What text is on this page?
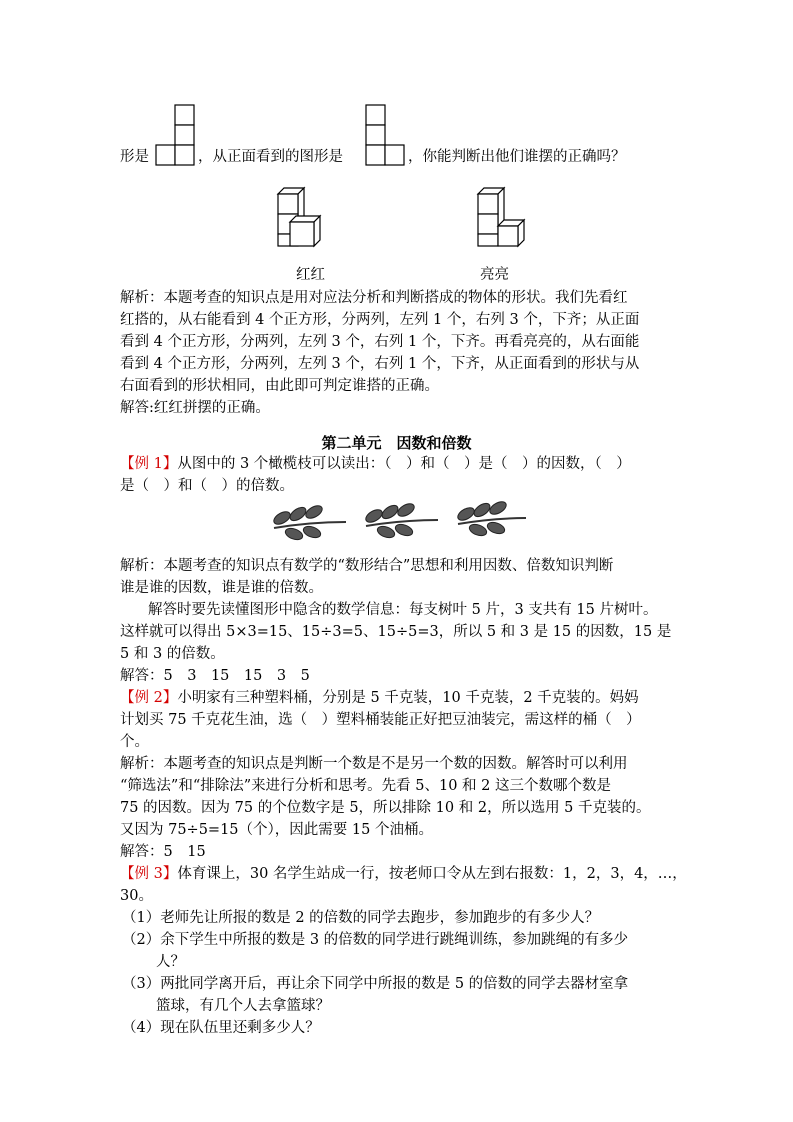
形是	，从正面看到的图形是	，你能判断出他们谁摆的正确吗？
红红	亮亮
解析：本题考查的知识点是用对应法分析和判断搭成的物体的形状。我们先看红
红搭的，从右能看到 4 个正方形，分两列，左列 1 个，右列 3 个，下齐；从正面
看到 4 个正方形，分两列，左列 3 个，右列 1 个，下齐。再看亮亮的，从右面能
看到 4 个正方形，分两列，左列 3 个，右列 1 个，下齐，从正面看到的形状与从
右面看到的形状相同，由此即可判定谁搭的正确。
解答:红红拼摆的正确。
第二单元　因数和倍数
【例 1】从图中的 3 个橄榄枝可以读出：（　）和（　）是（　）的因数，（　）
是（　）和（　）的倍数。
解析：本题考查的知识点有数学的“数形结合”思想和利用因数、倍数知识判断
谁是谁的因数，谁是谁的倍数。
解答时要先读懂图形中隐含的数学信息：每支树叶 5 片，3 支共有 15 片树叶。
这样就可以得出 5×3=15、15÷3=5、15÷5=3，所以 5 和 3 是 15 的因数，15 是
5 和 3 的倍数。
解答：5　3　15　15　3　5
【例 2】小明家有三种塑料桶，分别是 5 千克装，10 千克装，2 千克装的。妈妈
计划买 75 千克花生油，选（　）塑料桶装能正好把豆油装完，需这样的桶（　）
个。
解析：本题考查的知识点是判断一个数是不是另一个数的因数。解答时可以利用
“筛选法”和“排除法”来进行分析和思考。先看 5、10 和 2 这三个数哪个数是
75 的因数。因为 75 的个位数字是 5，所以排除 10 和 2，所以选用 5 千克装的。
又因为 75÷5=15（个），因此需要 15 个油桶。
解答：5　15
【例 3】体育课上，30 名学生站成一行，按老师口令从左到右报数：1，2，3，4，…，
30。
（1）老师先让所报的数是 2 的倍数的同学去跑步，参加跑步的有多少人？
（2）余下学生中所报的数是 3 的倍数的同学进行跳绳训练，参加跳绳的有多少
人？
（3）两批同学离开后，再让余下同学中所报的数是 5 的倍数的同学去器材室拿
篮球，有几个人去拿篮球？
（4）现在队伍里还剩多少人？
